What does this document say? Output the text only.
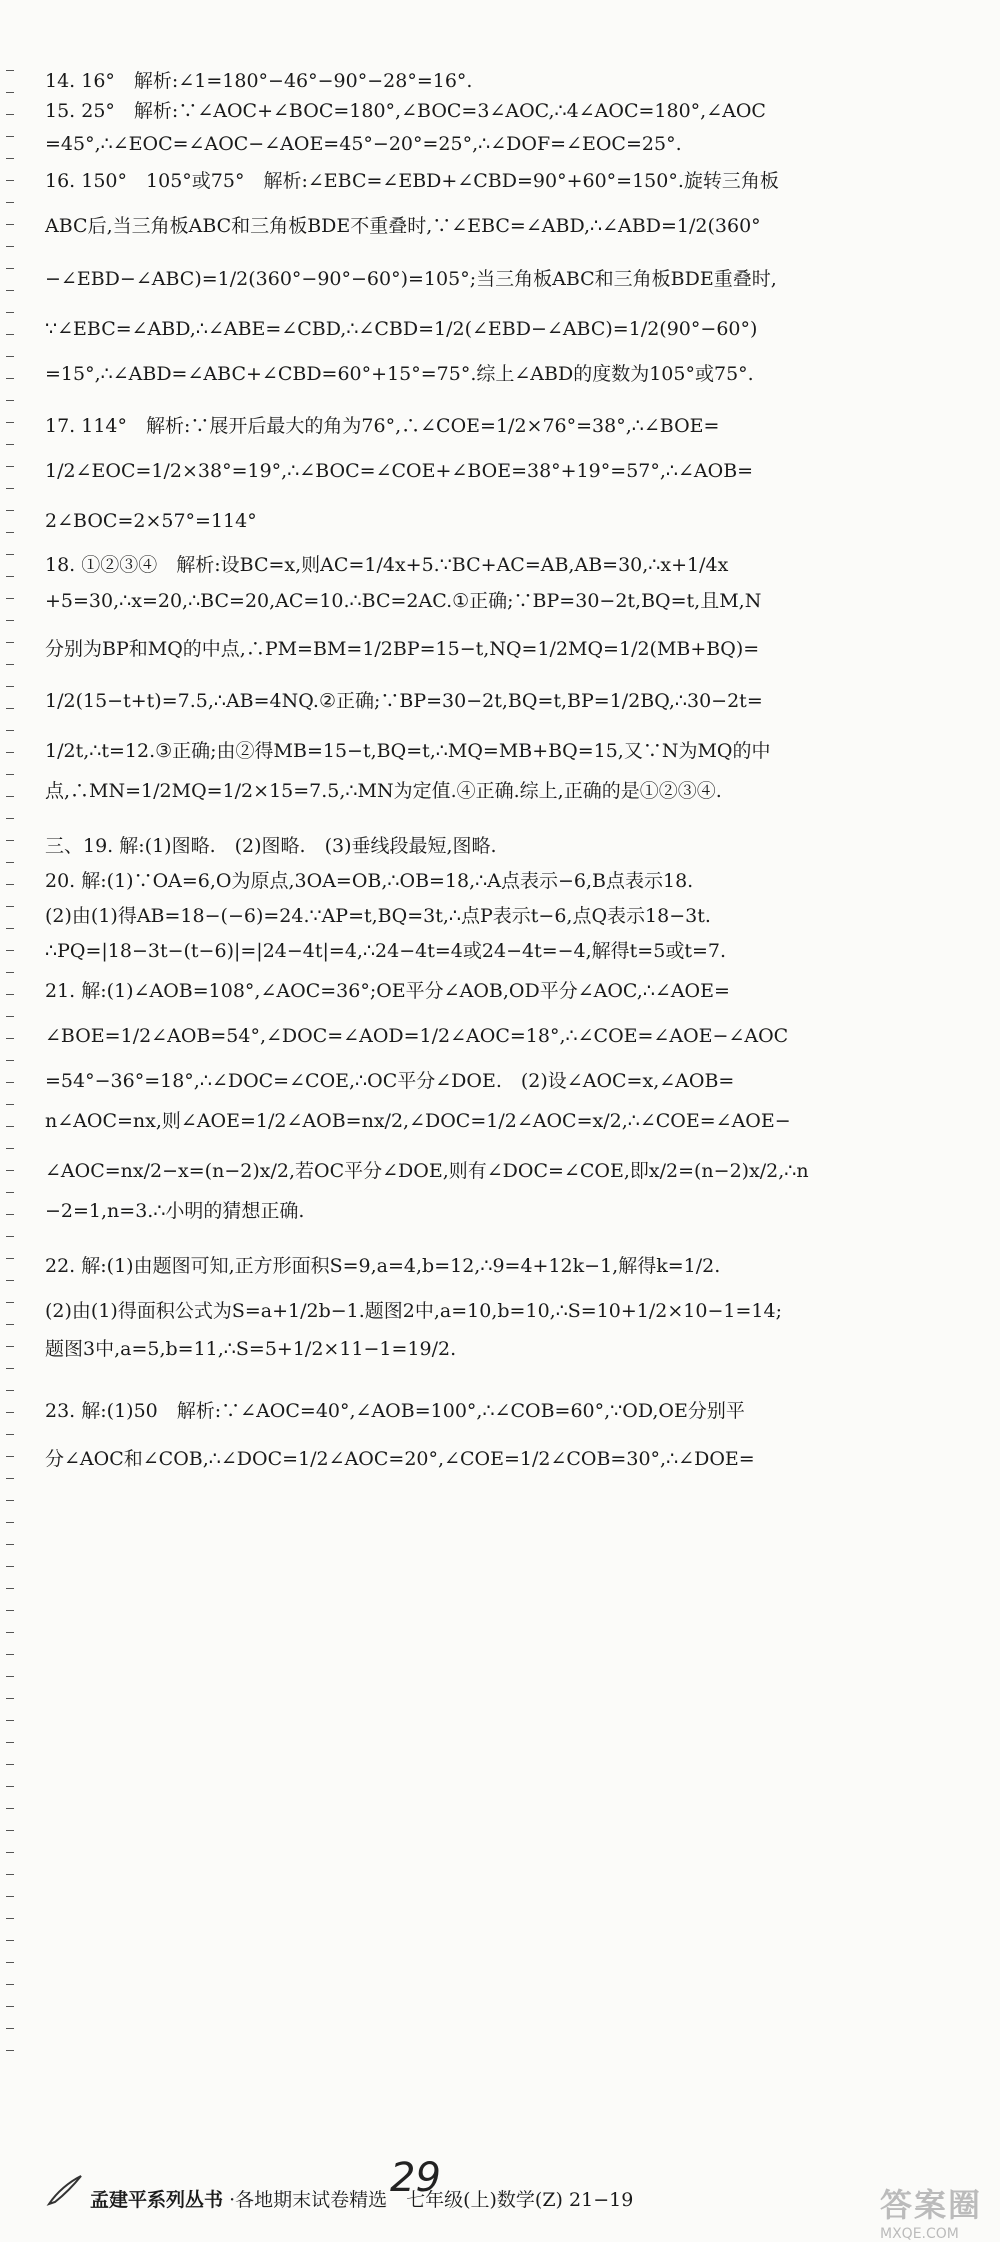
14. 16°　解析:∠1=180°−46°−90°−28°=16°.
15. 25°　解析:∵∠AOC+∠BOC=180°,∠BOC=3∠AOC,∴4∠AOC=180°,∠AOC
=45°,∴∠EOC=∠AOC−∠AOE=45°−20°=25°,∴∠DOF=∠EOC=25°.
16. 150°　105°或75°　解析:∠EBC=∠EBD+∠CBD=90°+60°=150°.旋转三角板
ABC后,当三角板ABC和三角板BDE不重叠时,∵∠EBC=∠ABD,∴∠ABD=1/2(360°
−∠EBD−∠ABC)=1/2(360°−90°−60°)=105°;当三角板ABC和三角板BDE重叠时,
∵∠EBC=∠ABD,∴∠ABE=∠CBD,∴∠CBD=1/2(∠EBD−∠ABC)=1/2(90°−60°)
=15°,∴∠ABD=∠ABC+∠CBD=60°+15°=75°.综上∠ABD的度数为105°或75°.
17. 114°　解析:∵展开后最大的角为76°,∴∠COE=1/2×76°=38°,∴∠BOE=
1/2∠EOC=1/2×38°=19°,∴∠BOC=∠COE+∠BOE=38°+19°=57°,∴∠AOB=
2∠BOC=2×57°=114°
18. ①②③④　解析:设BC=x,则AC=1/4x+5.∵BC+AC=AB,AB=30,∴x+1/4x
+5=30,∴x=20,∴BC=20,AC=10.∴BC=2AC.①正确;∵BP=30−2t,BQ=t,且M,N
分别为BP和MQ的中点,∴PM=BM=1/2BP=15−t,NQ=1/2MQ=1/2(MB+BQ)=
1/2(15−t+t)=7.5,∴AB=4NQ.②正确;∵BP=30−2t,BQ=t,BP=1/2BQ,∴30−2t=
1/2t,∴t=12.③正确;由②得MB=15−t,BQ=t,∴MQ=MB+BQ=15,又∵N为MQ的中
点,∴MN=1/2MQ=1/2×15=7.5,∴MN为定值.④正确.综上,正确的是①②③④.
三、19. 解:(1)图略.　(2)图略.　(3)垂线段最短,图略.
20. 解:(1)∵OA=6,O为原点,3OA=OB,∴OB=18,∴A点表示−6,B点表示18.
(2)由(1)得AB=18−(−6)=24.∵AP=t,BQ=3t,∴点P表示t−6,点Q表示18−3t.
∴PQ=|18−3t−(t−6)|=|24−4t|=4,∴24−4t=4或24−4t=−4,解得t=5或t=7.
21. 解:(1)∠AOB=108°,∠AOC=36°;OE平分∠AOB,OD平分∠AOC,∴∠AOE=
∠BOE=1/2∠AOB=54°,∠DOC=∠AOD=1/2∠AOC=18°,∴∠COE=∠AOE−∠AOC
=54°−36°=18°,∴∠DOC=∠COE,∴OC平分∠DOE.　(2)设∠AOC=x,∠AOB=
n∠AOC=nx,则∠AOE=1/2∠AOB=nx/2,∠DOC=1/2∠AOC=x/2,∴∠COE=∠AOE−
∠AOC=nx/2−x=(n−2)x/2,若OC平分∠DOE,则有∠DOC=∠COE,即x/2=(n−2)x/2,∴n
−2=1,n=3.∴小明的猜想正确.
22. 解:(1)由题图可知,正方形面积S=9,a=4,b=12,∴9=4+12k−1,解得k=1/2.
(2)由(1)得面积公式为S=a+1/2b−1.题图2中,a=10,b=10,∴S=10+1/2×10−1=14;
题图3中,a=5,b=11,∴S=5+1/2×11−1=19/2.
23. 解:(1)50　解析:∵∠AOC=40°,∠AOB=100°,∴∠COB=60°,∵OD,OE分别平
分∠AOC和∠COB,∴∠DOC=1/2∠AOC=20°,∠COE=1/2∠COB=30°,∴∠DOE=
孟建平系列丛书 ·各地期末试卷精选　七年级(上)数学(Z) 21−19
29
答案圈
MXQE.COM
